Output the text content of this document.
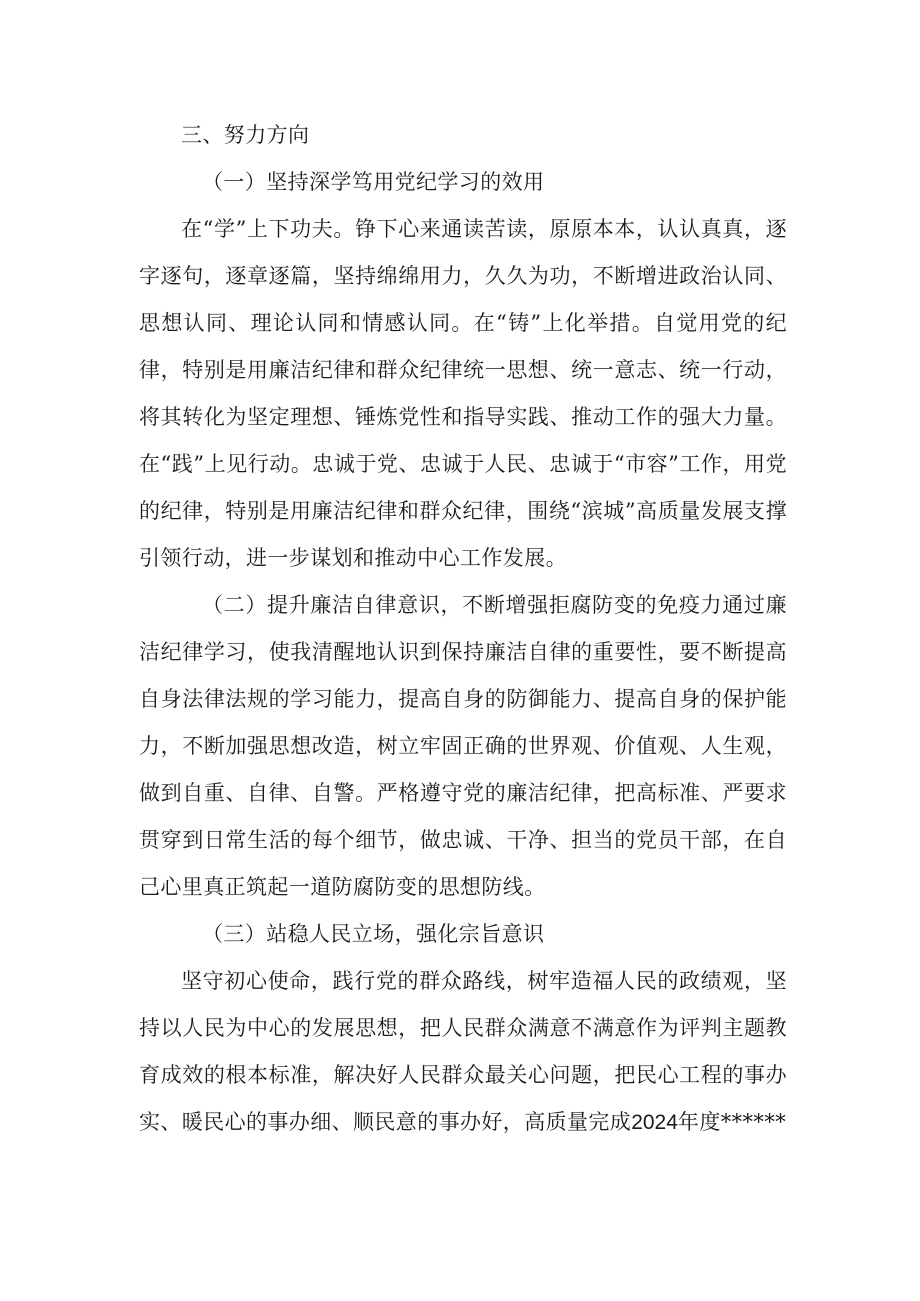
三、努力方向

（一）坚持深学笃用党纪学习的效用

在“学”上下功夫。铮下心来通读苦读，原原本本，认认真真，逐字逐句，逐章逐篇，坚持绵绵用力，久久为功，不断增进政治认同、思想认同、理论认同和情感认同。在“铸”上化举措。自觉用党的纪律，特别是用廉洁纪律和群众纪律统一思想、统一意志、统一行动，将其转化为坚定理想、锤炼党性和指导实践、推动工作的强大力量。在“践”上见行动。忠诚于党、忠诚于人民、忠诚于“市容”工作，用党的纪律，特别是用廉洁纪律和群众纪律，围绕“滨城”高质量发展支撑引领行动，进一步谋划和推动中心工作发展。

（二）提升廉洁自律意识，不断增强拒腐防变的免疫力通过廉洁纪律学习，使我清醒地认识到保持廉洁自律的重要性，要不断提高自身法律法规的学习能力，提高自身的防御能力、提高自身的保护能力，不断加强思想改造，树立牢固正确的世界观、价值观、人生观，做到自重、自律、自警。严格遵守党的廉洁纪律，把高标准、严要求贯穿到日常生活的每个细节，做忠诚、干净、担当的党员干部，在自己心里真正筑起一道防腐防变的思想防线。

（三）站稳人民立场，强化宗旨意识

坚守初心使命，践行党的群众路线，树牢造福人民的政绩观，坚持以人民为中心的发展思想，把人民群众满意不满意作为评判主题教育成效的根本标准，解决好人民群众最关心问题，把民心工程的事办实、暖民心的事办细、顺民意的事办好，高质量完成2024年度******
